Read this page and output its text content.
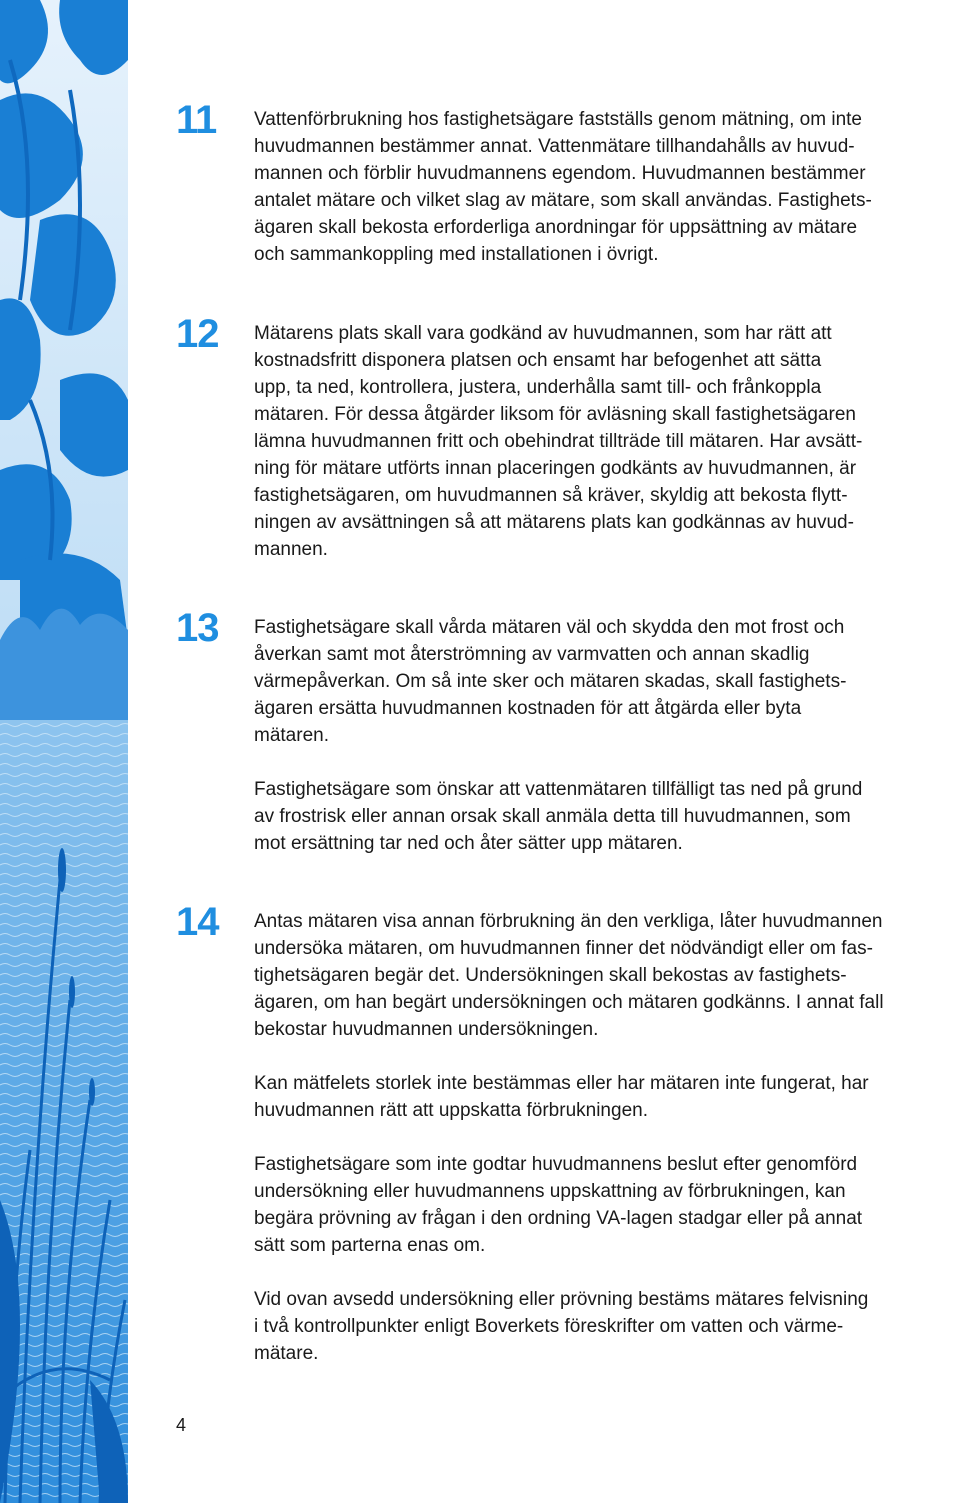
11 Vattenförbrukning hos fastighetsägare fastställs genom mätning, om inte
huvudmannen bestämmer annat. Vattenmätare tillhandahålls av huvud-
mannen och förblir huvudmannens egendom. Huvudmannen bestämmer
antalet mätare och vilket slag av mätare, som skall användas. Fastighets-
ägaren skall bekosta erforderliga anordningar för uppsättning av mätare
och sammankoppling med installationen i övrigt.

12 Mätarens plats skall vara godkänd av huvudmannen, som har rätt att
kostnadsfritt disponera platsen och ensamt har befogenhet att sätta
upp, ta ned, kontrollera, justera, underhålla samt till- och frånkoppla
mätaren. För dessa åtgärder liksom för avläsning skall fastighetsägaren
lämna huvudmannen fritt och obehindrat tillträde till mätaren. Har avsätt-
ning för mätare utförts innan placeringen godkänts av huvudmannen, är
fastighetsägaren, om huvudmannen så kräver, skyldig att bekosta flytt-
ningen av avsättningen så att mätarens plats kan godkännas av huvud-
mannen.

13 Fastighetsägare skall vårda mätaren väl och skydda den mot frost och
åverkan samt mot återströmning av varmvatten och annan skadlig
värmepåverkan. Om så inte sker och mätaren skadas, skall fastighets-
ägaren ersätta huvudmannen kostnaden för att åtgärda eller byta
mätaren.

Fastighetsägare som önskar att vattenmätaren tillfälligt tas ned på grund
av frostrisk eller annan orsak skall anmäla detta till huvudmannen, som
mot ersättning tar ned och åter sätter upp mätaren.

14 Antas mätaren visa annan förbrukning än den verkliga, låter huvudmannen
undersöka mätaren, om huvudmannen finner det nödvändigt eller om fas-
tighetsägaren begär det. Undersökningen skall bekostas av fastighets-
ägaren, om han begärt undersökningen och mätaren godkänns. I annat fall
bekostar huvudmannen undersökningen.

Kan mätfelets storlek inte bestämmas eller har mätaren inte fungerat, har
huvudmannen rätt att uppskatta förbrukningen.

Fastighetsägare som inte godtar huvudmannens beslut efter genomförd
undersökning eller huvudmannens uppskattning av förbrukningen, kan
begära prövning av frågan i den ordning VA-lagen stadgar eller på annat
sätt som parterna enas om.

Vid ovan avsedd undersökning eller prövning bestäms mätares felvisning
i två kontrollpunkter enligt Boverkets föreskrifter om vatten och värme-
mätare.

4
